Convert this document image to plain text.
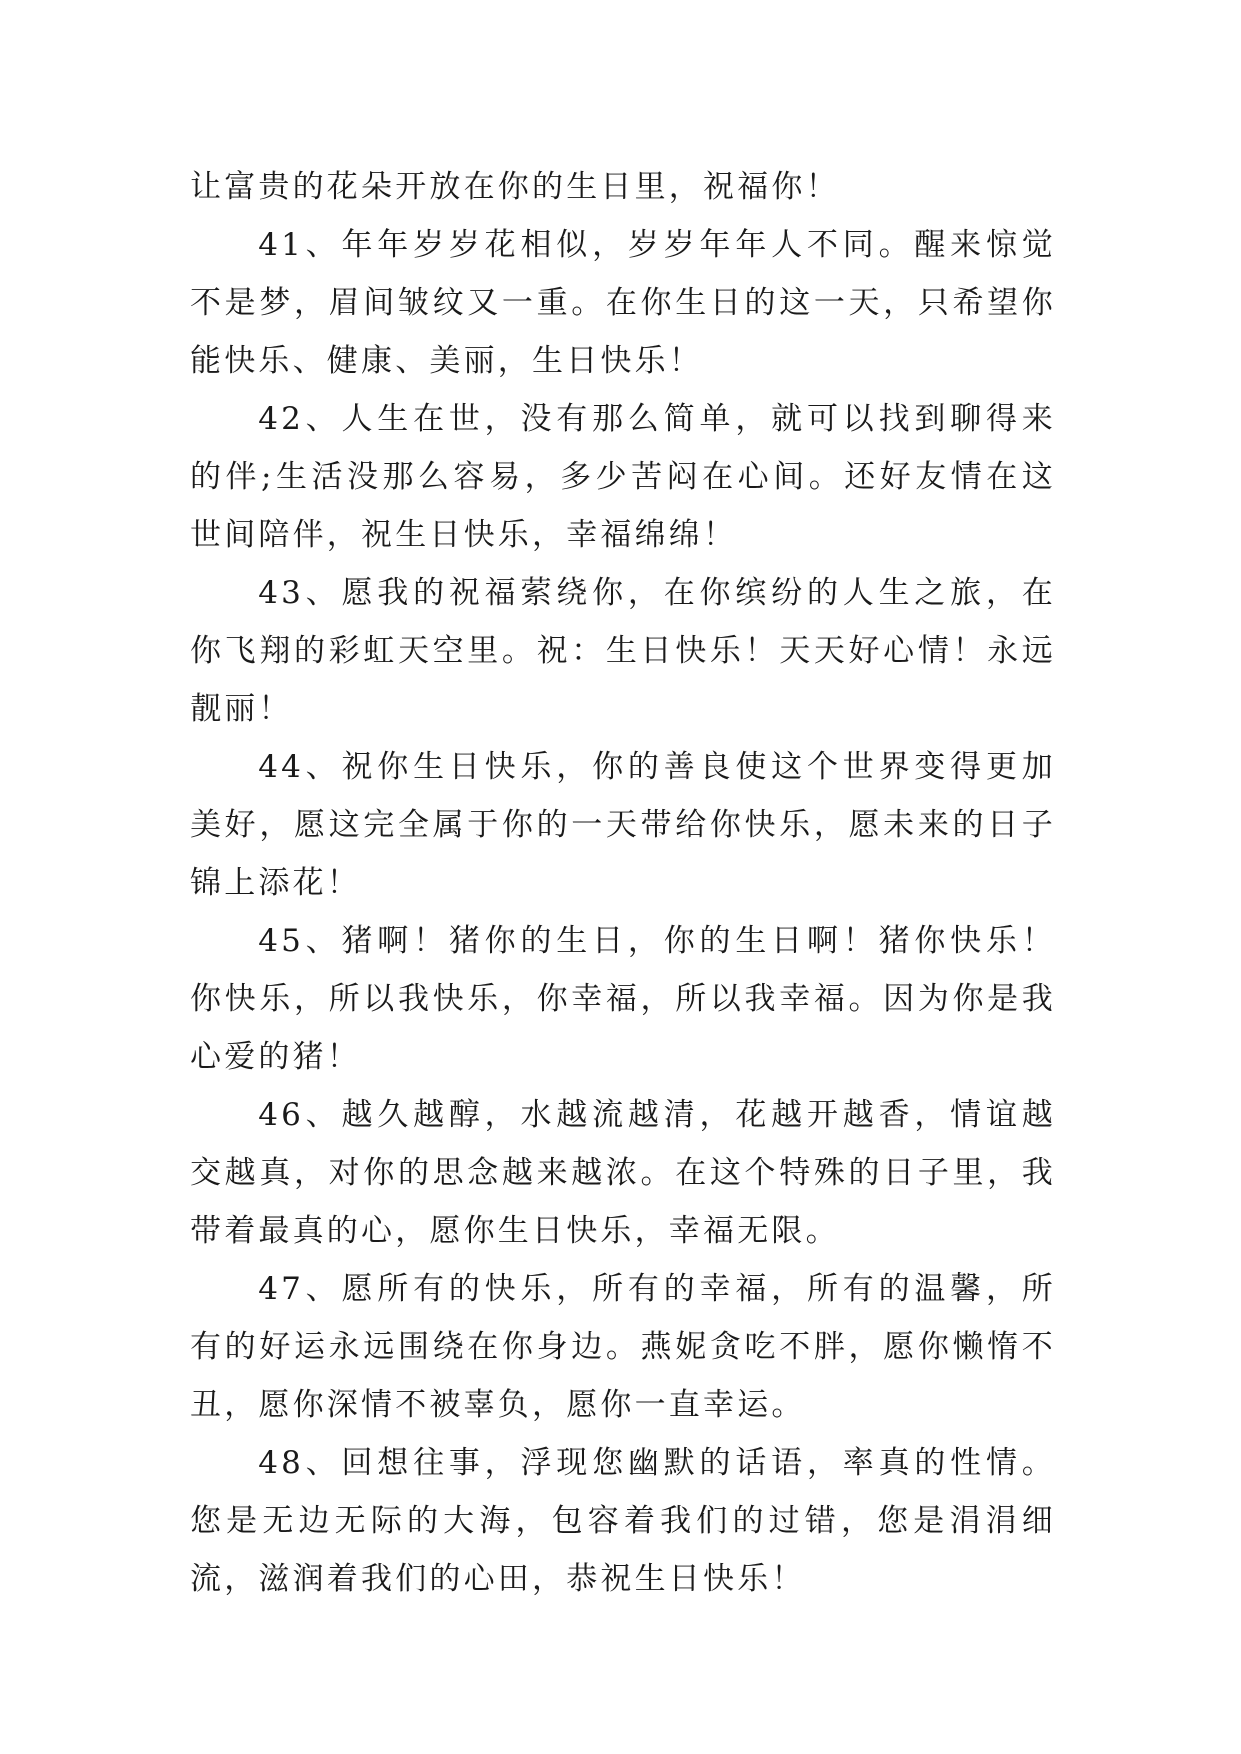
让富贵的花朵开放在你的生日里，祝福你！

41、年年岁岁花相似，岁岁年年人不同。醒来惊觉不是梦，眉间皱纹又一重。在你生日的这一天，只希望你能快乐、健康、美丽，生日快乐！

42、人生在世，没有那么简单，就可以找到聊得来的伴;生活没那么容易，多少苦闷在心间。还好友情在这世间陪伴，祝生日快乐，幸福绵绵！

43、愿我的祝福萦绕你，在你缤纷的人生之旅，在你飞翔的彩虹天空里。祝：生日快乐！天天好心情！永远靓丽！

44、祝你生日快乐，你的善良使这个世界变得更加美好，愿这完全属于你的一天带给你快乐，愿未来的日子锦上添花！

45、猪啊！猪你的生日，你的生日啊！猪你快乐！你快乐，所以我快乐，你幸福，所以我幸福。因为你是我心爱的猪！

46、越久越醇，水越流越清，花越开越香，情谊越交越真，对你的思念越来越浓。在这个特殊的日子里，我带着最真的心，愿你生日快乐，幸福无限。

47、愿所有的快乐，所有的幸福，所有的温馨，所有的好运永远围绕在你身边。燕妮贪吃不胖，愿你懒惰不丑，愿你深情不被辜负，愿你一直幸运。

48、回想往事，浮现您幽默的话语，率真的性情。您是无边无际的大海，包容着我们的过错，您是涓涓细流，滋润着我们的心田，恭祝生日快乐！
